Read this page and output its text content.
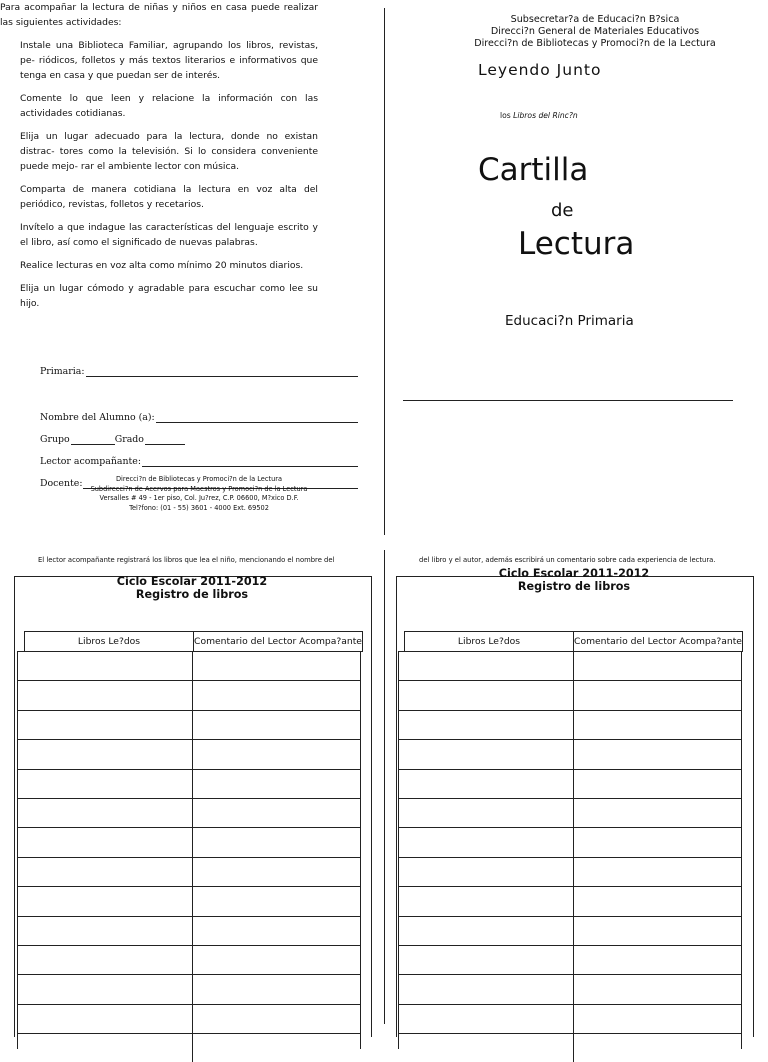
Para acompañar la lectura de niñas y niños en casa puede realizar las siguientes actividades:

Instale una Biblioteca Familiar, agrupando los libros, revistas, pe- riódicos, folletos y más textos literarios e informativos que tenga en casa y que puedan ser de interés.

Comente lo que leen y relacione la información con las actividades cotidianas.

Elija un lugar adecuado para la lectura, donde no existan distrac- tores como la televisión. Si lo considera conveniente puede mejo- rar el ambiente lector con música.

Comparta de manera cotidiana la lectura en voz alta del periódico, revistas, folletos y recetarios.

Invítelo a que indague las características del lenguaje escrito y el libro, así como el significado de nuevas palabras.

Realice lecturas en voz alta como mínimo 20 minutos diarios.

Elija un lugar cómodo y agradable para escuchar como lee su hijo.

Primaria:
Nombre del Alumno (a):
Grupo	Grado
Lector acompañante:
Docente:	Direcci?n de Bibliotecas y Promoci?n de la Lectura
Subdirecci?n de Acervos para Maestros y Promoci?n de la Lectura
Versalles # 49 - 1er piso, Col. Ju?rez, C.P. 06600, M?xico D.F.
Tel?fono: (01 - 55) 3601 - 4000 Ext. 69502
Subsecretar?a de Educaci?n B?sica
Direcci?n General de Materiales Educativos
Direcci?n de Bibliotecas y Promoci?n de la Lectura
Leyendo Junto
los Libros del Rinc?n
Cartilla
de
Lectura
Educaci?n Primaria
El lector acompañante registrará los libros que lea el niño, mencionando el nombre del	del libro y el autor, además escribirá un comentario sobre cada experiencia de lectura.
Ciclo Escolar 2011-2012
Registro de libros
Libros Le?dos	Comentario del Lector Acompa?ante
Ciclo Escolar 2011-2012
Registro de libros
Libros Le?dos	Comentario del Lector Acompa?ante
